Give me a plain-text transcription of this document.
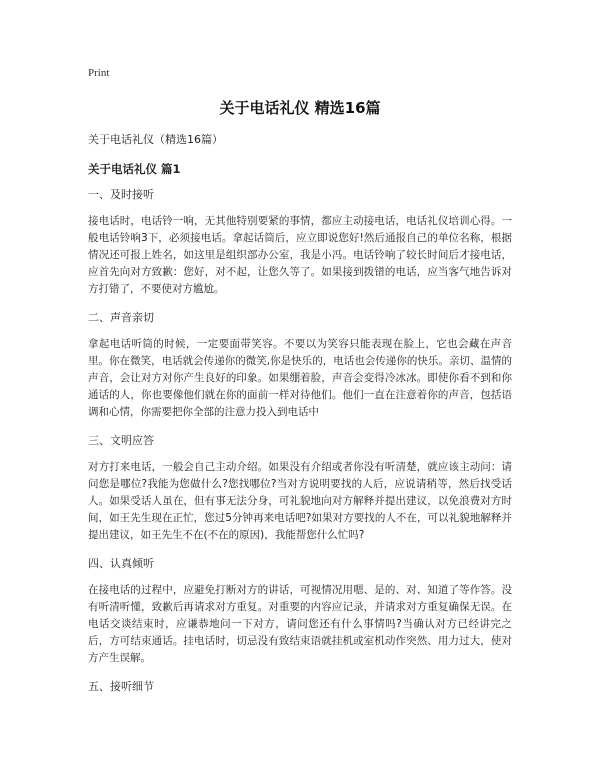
Print
关于电话礼仪 精选16篇
关于电话礼仪（精选16篇）
关于电话礼仪 篇1
一、及时接听
接电话时，电话铃一响，无其他特别要紧的事情，都应主动接电话，电话礼仪培训心得。一般电话铃响3下，必须接电话。拿起话筒后，应立即说您好!然后通报自己的单位名称，根据情况还可报上姓名，如这里是组织部办公室，我是小冯。电话铃响了较长时间后才接电话，应首先向对方致歉：您好，对不起，让您久等了。如果接到拨错的电话，应当客气地告诉对方打错了，不要使对方尴尬。
二、声音亲切
拿起电话听筒的时候，一定要面带笑容。不要以为笑容只能表现在脸上，它也会藏在声音里。你在微笑，电话就会传递你的微笑,你是快乐的，电话也会传递你的快乐。亲切、温情的声音，会让对方对你产生良好的印象。如果绷着脸，声音会变得冷冰冰。即使你看不到和你通话的人，你也要像他们就在你的面前一样对待他们。他们一直在注意着你的声音，包括语调和心情，你需要把你全部的注意力投入到电话中
三、文明应答
对方打来电话，一般会自己主动介绍。如果没有介绍或者你没有听清楚，就应该主动问：请问您是哪位?我能为您做什么?您找哪位?当对方说明要找的人后，应说请稍等，然后找受话人。如果受话人虽在，但有事无法分身，可礼貌地向对方解释并提出建议，以免浪费对方时间，如王先生现在正忙，您过5分钟再来电话吧?如果对方要找的人不在，可以礼貌地解释并提出建议，如王先生不在(不在的原因)，我能帮您什么忙吗?
四、认真倾听
在接电话的过程中，应避免打断对方的讲话，可视情况用嗯、是的、对、知道了等作答。没有听清听懂，致歉后再请求对方重复。对重要的内容应记录，并请求对方重复确保无误。在电话交谈结束时，应谦恭地问一下对方，请问您还有什么事情吗?当确认对方已经讲完之后，方可结束通话。挂电话时，切忌没有致结束语就挂机或室机动作突然、用力过大，使对方产生误解。
五、接听细节
